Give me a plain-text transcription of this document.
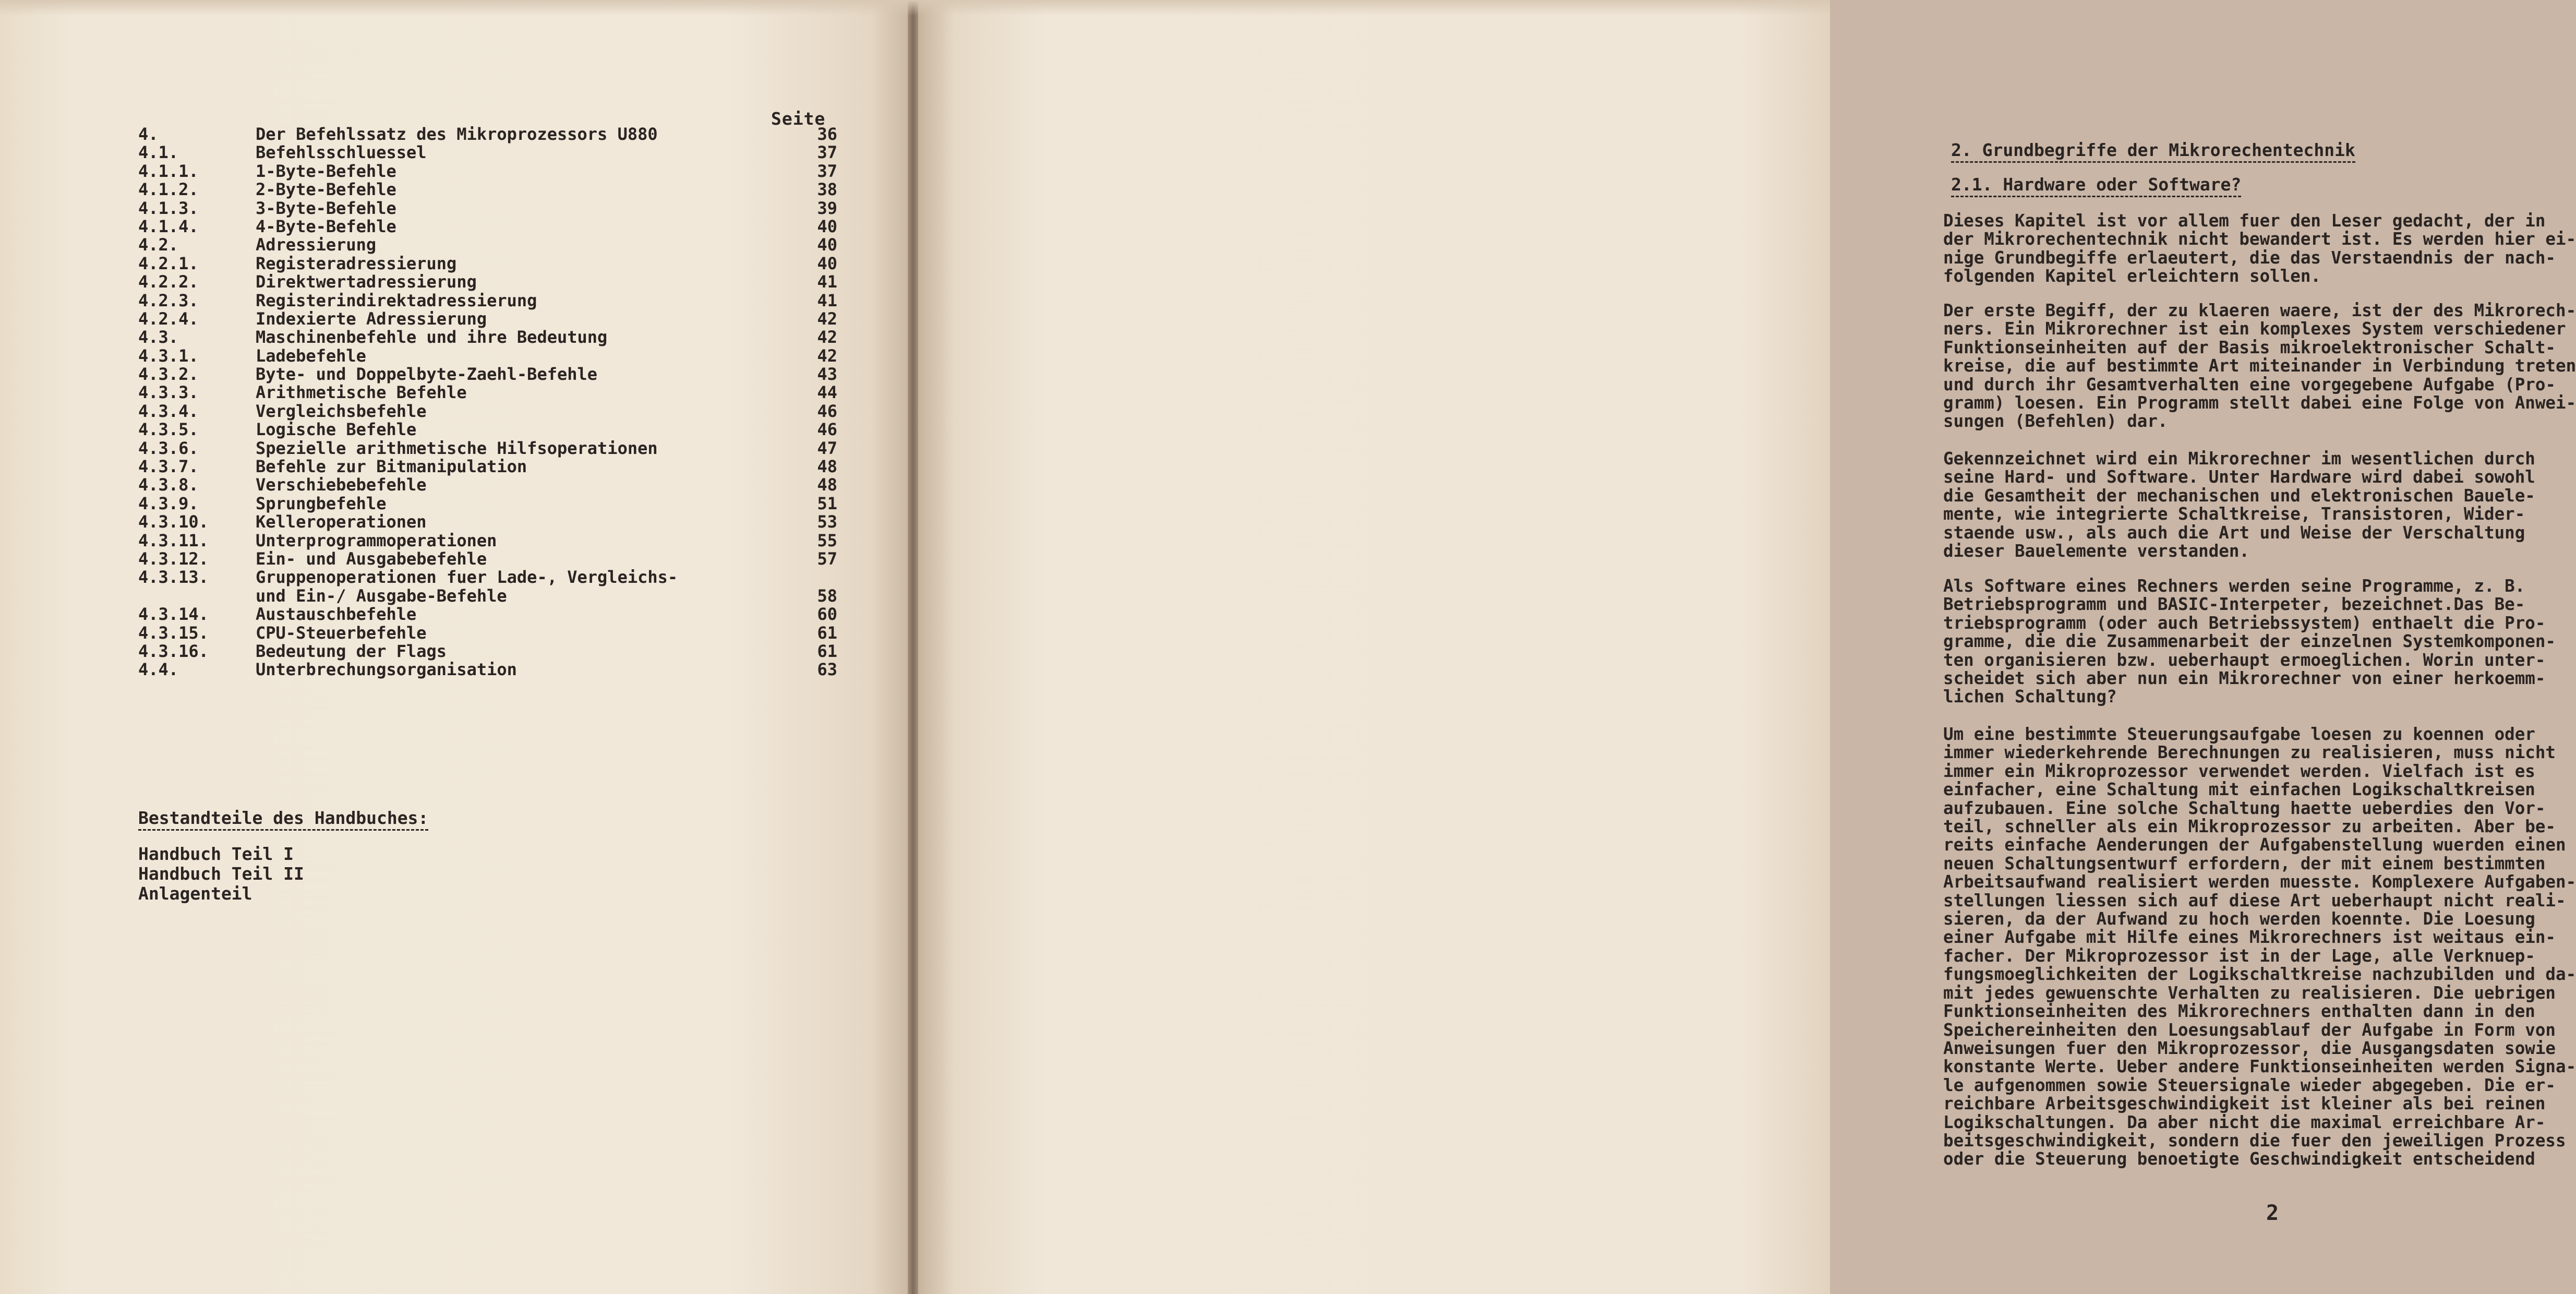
Seite
4.	Der Befehlssatz des Mikroprozessors U880	36
4.1.	Befehlsschluessel	37
4.1.1.	1-Byte-Befehle	37
4.1.2.	2-Byte-Befehle	38
4.1.3.	3-Byte-Befehle	39
4.1.4.	4-Byte-Befehle	40
4.2.	Adressierung	40
4.2.1.	Registeradressierung	40
4.2.2.	Direktwertadressierung	41
4.2.3.	Registerindirektadressierung	41
4.2.4.	Indexierte Adressierung	42
4.3.	Maschinenbefehle und ihre Bedeutung	42
4.3.1.	Ladebefehle	42
4.3.2.	Byte- und Doppelbyte-Zaehl-Befehle	43
4.3.3.	Arithmetische Befehle	44
4.3.4.	Vergleichsbefehle	46
4.3.5.	Logische Befehle	46
4.3.6.	Spezielle arithmetische Hilfsoperationen	47
4.3.7.	Befehle zur Bitmanipulation	48
4.3.8.	Verschiebebefehle	48
4.3.9.	Sprungbefehle	51
4.3.10.	Kelleroperationen	53
4.3.11.	Unterprogrammoperationen	55
4.3.12.	Ein- und Ausgabebefehle	57
4.3.13.	Gruppenoperationen fuer Lade-, Vergleichs-
und Ein-/ Ausgabe-Befehle	58
4.3.14.	Austauschbefehle	60
4.3.15.	CPU-Steuerbefehle	61
4.3.16.	Bedeutung der Flags	61
4.4.	Unterbrechungsorganisation	63
Bestandteile des Handbuches:
Handbuch Teil I
Handbuch Teil II
Anlagenteil
2. Grundbegriffe der Mikrorechentechnik
2.1. Hardware oder Software?
Dieses Kapitel ist vor allem fuer den Leser gedacht, der in
der Mikrorechentechnik nicht bewandert ist. Es werden hier ei-
nige Grundbegiffe erlaeutert, die das Verstaendnis der nach-
folgenden Kapitel erleichtern sollen.
Der erste Begiff, der zu klaeren waere, ist der des Mikrorech-
ners. Ein Mikrorechner ist ein komplexes System verschiedener
Funktionseinheiten auf der Basis mikroelektronischer Schalt-
kreise, die auf bestimmte Art miteinander in Verbindung treten
und durch ihr Gesamtverhalten eine vorgegebene Aufgabe (Pro-
gramm) loesen. Ein Programm stellt dabei eine Folge von Anwei-
sungen (Befehlen) dar.
Gekennzeichnet wird ein Mikrorechner im wesentlichen durch
seine Hard- und Software. Unter Hardware wird dabei sowohl
die Gesamtheit der mechanischen und elektronischen Bauele-
mente, wie integrierte Schaltkreise, Transistoren, Wider-
staende usw., als auch die Art und Weise der Verschaltung
dieser Bauelemente verstanden.
Als Software eines Rechners werden seine Programme, z. B.
Betriebsprogramm und BASIC-Interpeter, bezeichnet.Das Be-
triebsprogramm (oder auch Betriebssystem) enthaelt die Pro-
gramme, die die Zusammenarbeit der einzelnen Systemkomponen-
ten organisieren bzw. ueberhaupt ermoeglichen. Worin unter-
scheidet sich aber nun ein Mikrorechner von einer herkoemm-
lichen Schaltung?
Um eine bestimmte Steuerungsaufgabe loesen zu koennen oder
immer wiederkehrende Berechnungen zu realisieren, muss nicht
immer ein Mikroprozessor verwendet werden. Vielfach ist es
einfacher, eine Schaltung mit einfachen Logikschaltkreisen
aufzubauen. Eine solche Schaltung haette ueberdies den Vor-
teil, schneller als ein Mikroprozessor zu arbeiten. Aber be-
reits einfache Aenderungen der Aufgabenstellung wuerden einen
neuen Schaltungsentwurf erfordern, der mit einem bestimmten
Arbeitsaufwand realisiert werden muesste. Komplexere Aufgaben-
stellungen liessen sich auf diese Art ueberhaupt nicht reali-
sieren, da der Aufwand zu hoch werden koennte. Die Loesung
einer Aufgabe mit Hilfe eines Mikrorechners ist weitaus ein-
facher. Der Mikroprozessor ist in der Lage, alle Verknuep-
fungsmoeglichkeiten der Logikschaltkreise nachzubilden und da-
mit jedes gewuenschte Verhalten zu realisieren. Die uebrigen
Funktionseinheiten des Mikrorechners enthalten dann in den
Speichereinheiten den Loesungsablauf der Aufgabe in Form von
Anweisungen fuer den Mikroprozessor, die Ausgangsdaten sowie
konstante Werte. Ueber andere Funktionseinheiten werden Signa-
le aufgenommen sowie Steuersignale wieder abgegeben. Die er-
reichbare Arbeitsgeschwindigkeit ist kleiner als bei reinen
Logikschaltungen. Da aber nicht die maximal erreichbare Ar-
beitsgeschwindigkeit, sondern die fuer den jeweiligen Prozess
oder die Steuerung benoetigte Geschwindigkeit entscheidend
2
